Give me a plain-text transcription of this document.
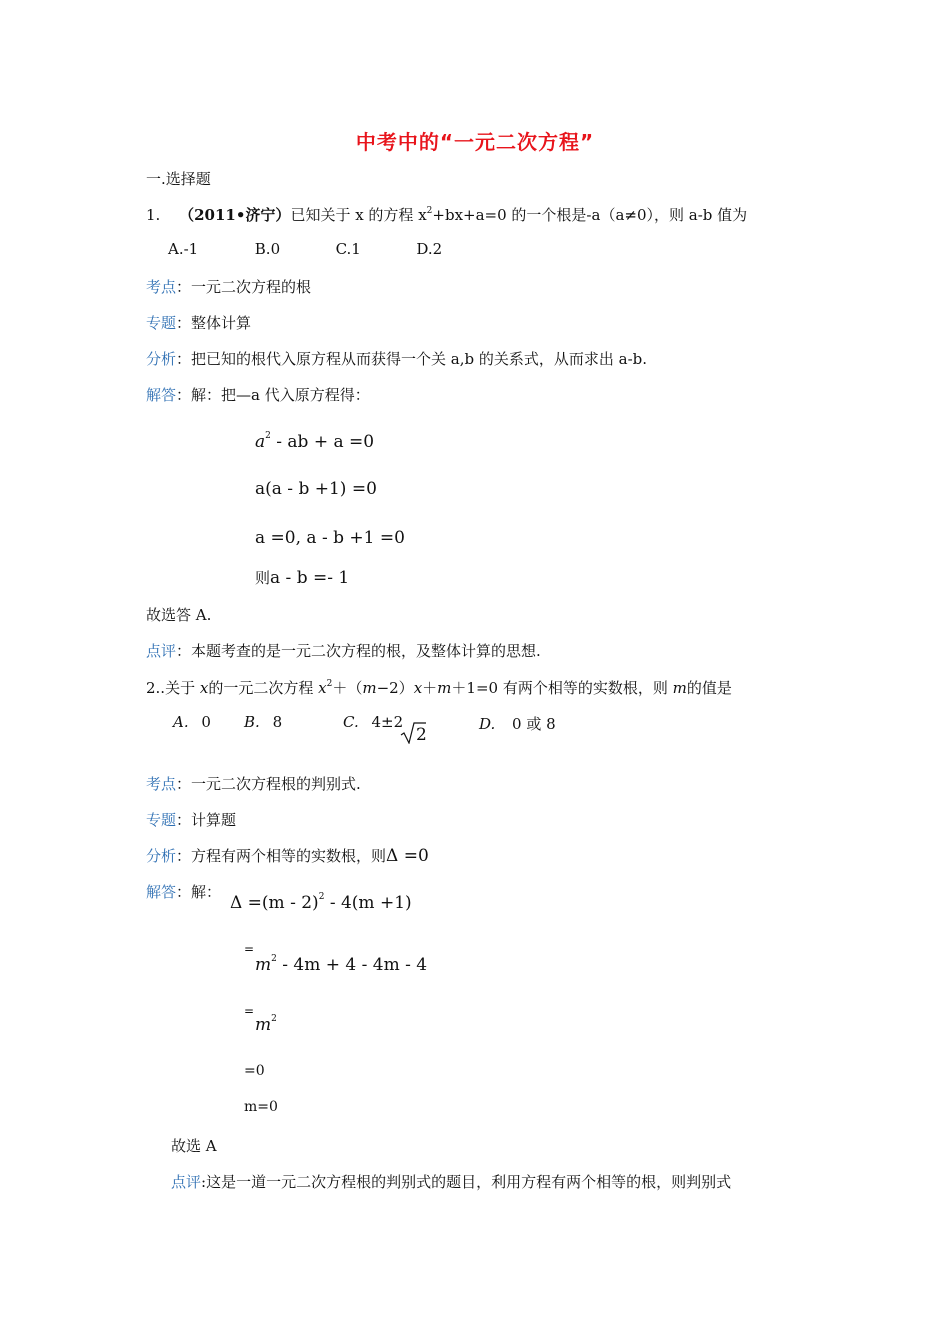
中考中的“一元二次方程”
一.选择题
1. （2011•济宁）已知关于 x 的方程 $x^2+bx+a=0$ 的一个根是-a（a≠0），则 a-b 值为
A.-1	B.0	C.1	D.2
考点：一元二次方程的根
专题：整体计算
分析：把已知的根代入原方程从而获得一个关 a,b 的关系式，从而求出 a-b.
解答：解：把—a 代入原方程得：
$a^2$ - ab + a =0
a(a - b +1) =0
a =0, a - b +1 =0
则a - b =- 1
故选答 A.
点评：本题考查的是一元二次方程的根，及整体计算的思想.
2..关于 x的一元二次方程 $x^2+(m-2)x+m+1=0$ 有两个相等的实数根，则 m的值是
A. 0 B. 8	C. 4±2
2
D. 0 或 8
考点：一元二次方程根的判别式.
专题：计算题
分析：方程有两个相等的实数根，则Δ =0
解答：解：
Δ =(m - 2)$^2$ - 4(m +1)
=
$m^2 - 4m + 4 - 4m - 4$
=
$m^2$
=0
m=0
故选 A
点评:这是一道一元二次方程根的判别式的题目，利用方程有两个相等的根，则判别式
